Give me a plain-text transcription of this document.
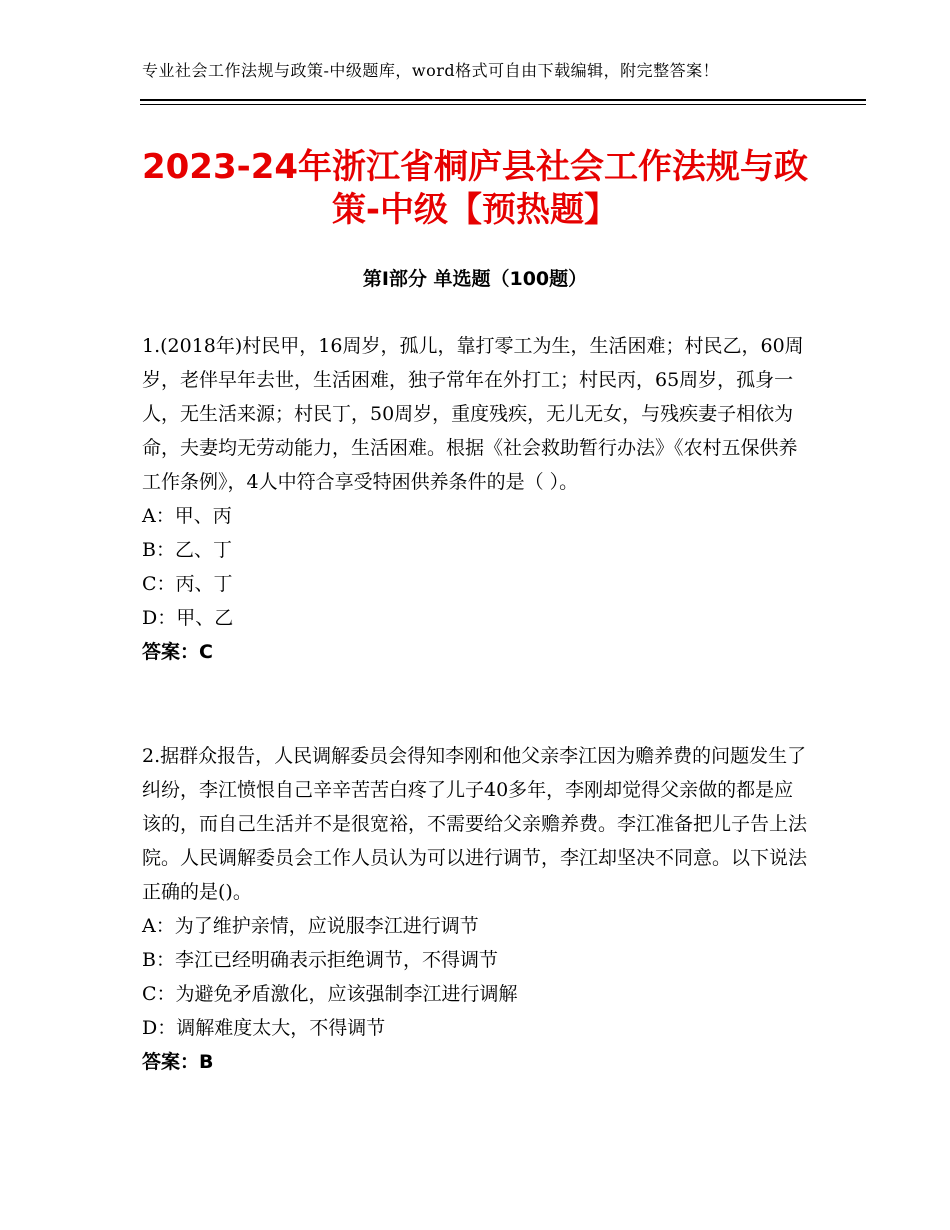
专业社会工作法规与政策-中级题库，word格式可自由下载编辑，附完整答案！
2023-24年浙江省桐庐县社会工作法规与政策-中级【预热题】
第Ⅰ部分 单选题（100题）

1.(2018年)村民甲，16周岁，孤儿，靠打零工为生，生活困难；村民乙，60周岁，老伴早年去世，生活困难，独子常年在外打工；村民丙，65周岁，孤身一人，无生活来源；村民丁，50周岁，重度残疾，无儿无女，与残疾妻子相依为命，夫妻均无劳动能力，生活困难。根据《社会救助暂行办法》《农村五保供养工作条例》，4人中符合享受特困供养条件的是（ ）。

A：甲、丙

B：乙、丁

C：丙、丁

D：甲、乙

答案：C

2.据群众报告，人民调解委员会得知李刚和他父亲李江因为赡养费的问题发生了纠纷，李江愤恨自己辛辛苦苦白疼了儿子40多年，李刚却觉得父亲做的都是应该的，而自己生活并不是很宽裕，不需要给父亲赡养费。李江准备把儿子告上法院。人民调解委员会工作人员认为可以进行调节，李江却坚决不同意。以下说法正确的是()。

A：为了维护亲情，应说服李江进行调节

B：李江已经明确表示拒绝调节，不得调节

C：为避免矛盾激化，应该强制李江进行调解

D：调解难度太大，不得调节

答案：B
